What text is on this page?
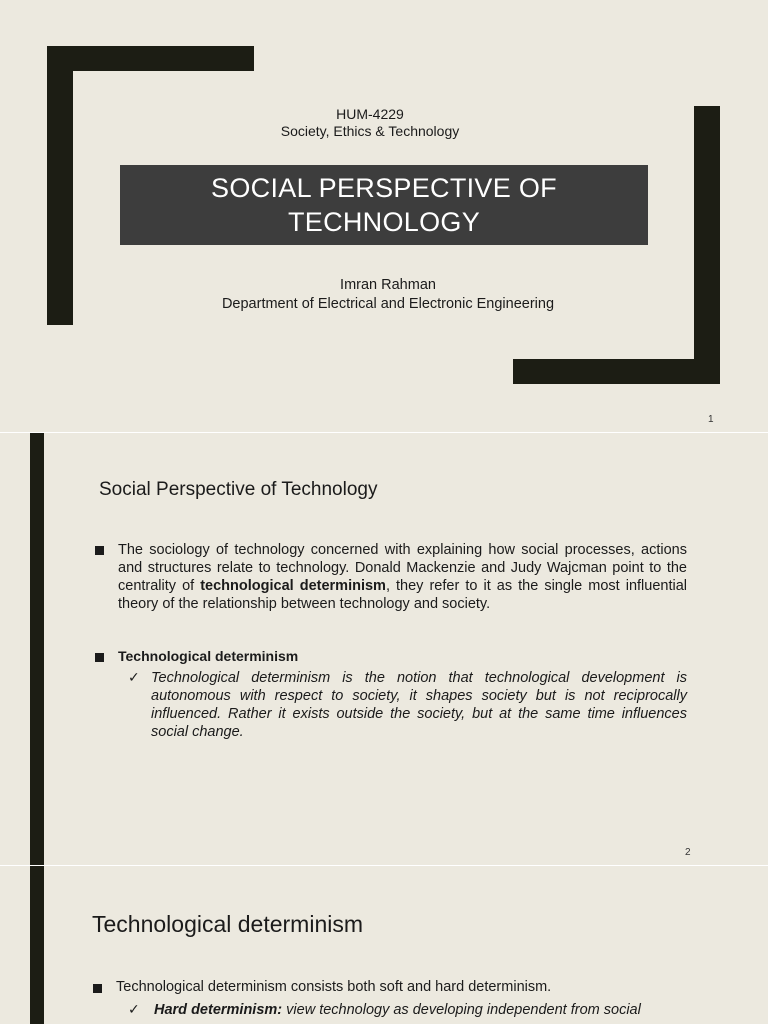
HUM-4229
Society, Ethics & Technology
SOCIAL PERSPECTIVE OF
TECHNOLOGY
Imran Rahman
Department of Electrical and Electronic Engineering
1
Social Perspective of Technology
The sociology of technology concerned with explaining how social processes, actions and structures relate to technology. Donald Mackenzie and Judy Wajcman point to the centrality of technological determinism, they refer to it as the single most influential theory of the relationship between technology and society.
Technological determinism
✓ Technological determinism is the notion that technological development is autonomous with respect to society, it shapes society but is not reciprocally influenced. Rather it exists outside the society, but at the same time influences social change.
2
Technological determinism
Technological determinism consists both soft and hard determinism.
✓ Hard determinism: view technology as developing independent from social
